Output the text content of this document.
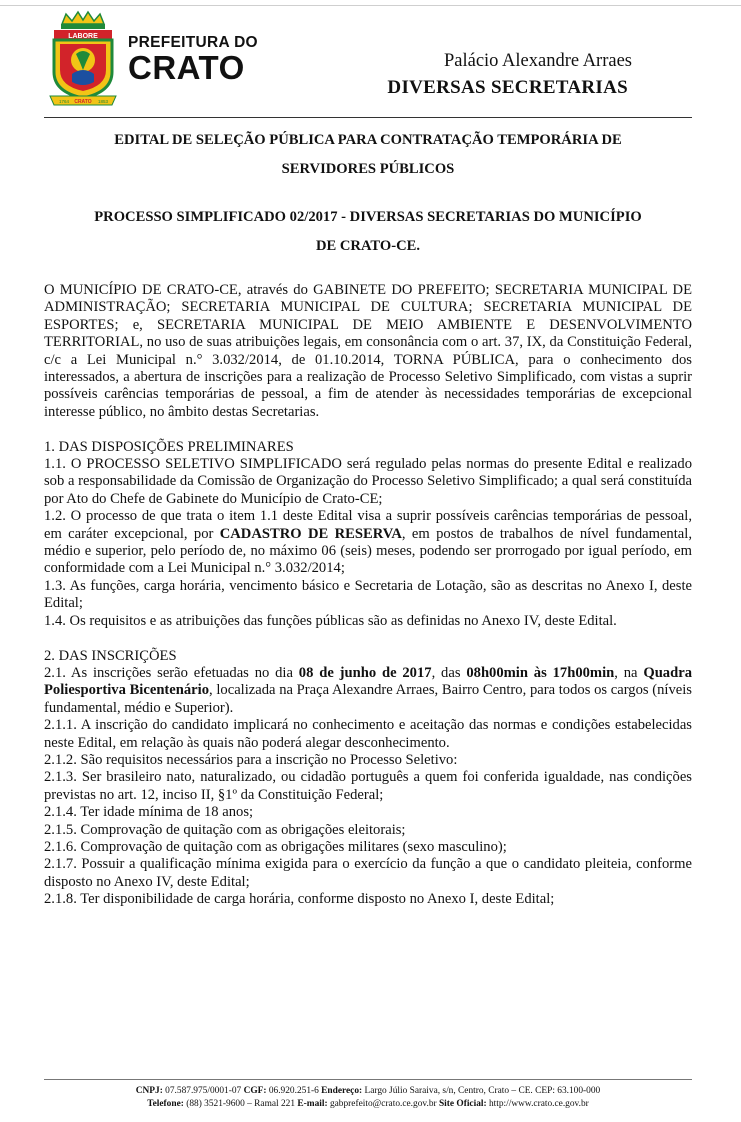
LABORE
1764 CRATO 1853
PREFEITURA DO
CRATO	Palácio Alexandre Arraes
DIVERSAS SECRETARIAS
EDITAL DE SELEÇÃO PÚBLICA PARA CONTRATAÇÃO TEMPORÁRIA DE
SERVIDORES PÚBLICOS
PROCESSO SIMPLIFICADO 02/2017 - DIVERSAS SECRETARIAS DO MUNICÍPIO
DE CRATO-CE.

O MUNICÍPIO DE CRATO-CE, através do GABINETE DO PREFEITO; SECRETARIA MUNICIPAL DE ADMINISTRAÇÃO; SECRETARIA MUNICIPAL DE CULTURA; SECRETARIA MUNICIPAL DE ESPORTES; e, SECRETARIA MUNICIPAL DE MEIO AMBIENTE E DESENVOLVIMENTO TERRITORIAL, no uso de suas atribuições legais, em consonância com o art. 37, IX, da Constituição Federal, c/c a Lei Municipal n.° 3.032/2014, de 01.10.2014, TORNA PÚBLICA, para o conhecimento dos interessados, a abertura de inscrições para a realização de Processo Seletivo Simplificado, com vistas a suprir possíveis carências temporárias de pessoal, a fim de atender às necessidades temporárias de excepcional interesse público, no âmbito destas Secretarias.

1. DAS DISPOSIÇÕES PRELIMINARES

1.1. O PROCESSO SELETIVO SIMPLIFICADO será regulado pelas normas do presente Edital e realizado sob a responsabilidade da Comissão de Organização do Processo Seletivo Simplificado; a qual será constituída por Ato do Chefe de Gabinete do Município de Crato-CE;

1.2. O processo de que trata o item 1.1 deste Edital visa a suprir possíveis carências temporárias de pessoal, em caráter excepcional, por CADASTRO DE RESERVA, em postos de trabalhos de nível fundamental, médio e superior, pelo período de, no máximo 06 (seis) meses, podendo ser prorrogado por igual período, em conformidade com a Lei Municipal n.° 3.032/2014;

1.3. As funções, carga horária, vencimento básico e Secretaria de Lotação, são as descritas no Anexo I, deste Edital;

1.4. Os requisitos e as atribuições das funções públicas são as definidas no Anexo IV, deste Edital.

2. DAS INSCRIÇÕES

2.1. As inscrições serão efetuadas no dia 08 de junho de 2017, das 08h00min às 17h00min, na Quadra Poliesportiva Bicentenário, localizada na Praça Alexandre Arraes, Bairro Centro, para todos os cargos (níveis fundamental, médio e Superior).

2.1.1. A inscrição do candidato implicará no conhecimento e aceitação das normas e condições estabelecidas neste Edital, em relação às quais não poderá alegar desconhecimento.

2.1.2. São requisitos necessários para a inscrição no Processo Seletivo:

2.1.3. Ser brasileiro nato, naturalizado, ou cidadão português a quem foi conferida igualdade, nas condições previstas no art. 12, inciso II, §1º da Constituição Federal;

2.1.4. Ter idade mínima de 18 anos;

2.1.5. Comprovação de quitação com as obrigações eleitorais;

2.1.6. Comprovação de quitação com as obrigações militares (sexo masculino);

2.1.7. Possuir a qualificação mínima exigida para o exercício da função a que o candidato pleiteia, conforme disposto no Anexo IV, deste Edital;

2.1.8. Ter disponibilidade de carga horária, conforme disposto no Anexo I, deste Edital;

CNPJ: 07.587.975/0001-07 CGF: 06.920.251-6 Endereço: Largo Júlio Saraiva, s/n, Centro, Crato – CE. CEP: 63.100-000
Telefone: (88) 3521-9600 – Ramal 221 E-mail: gabprefeito@crato.ce.gov.br Site Oficial: http://www.crato.ce.gov.br
